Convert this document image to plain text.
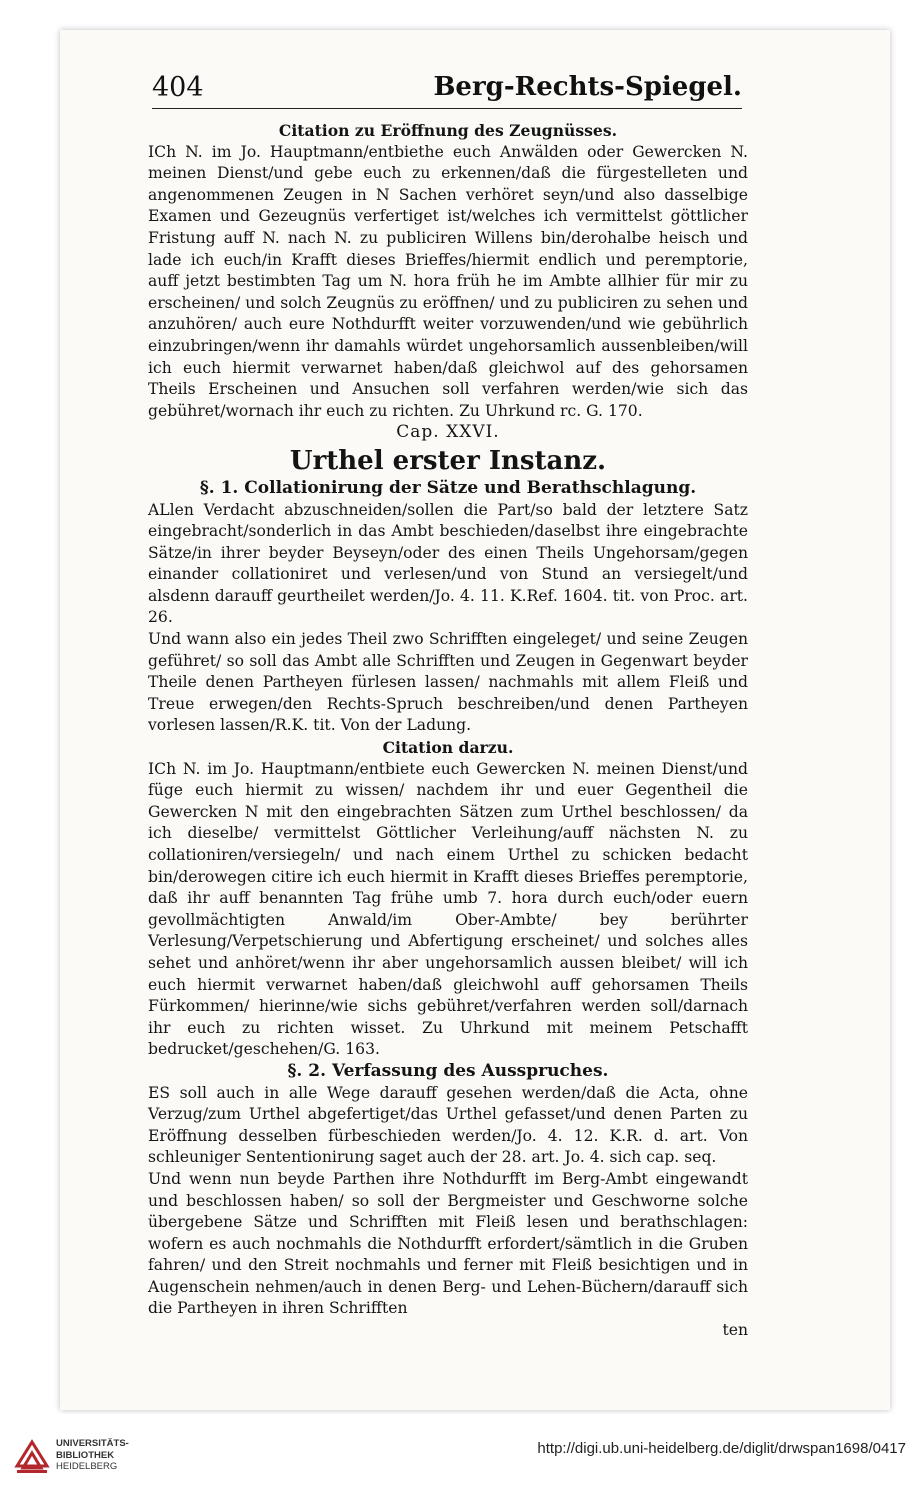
404	Berg-Rechts-Spiegel.

Citation zu Eröffnung des Zeugnüsses.

ICh N. im Jo. Hauptmann/entbiethe euch Anwälden oder Gewercken N. meinen Dienst/und gebe euch zu erkennen/daß die fürgestelleten und angenommenen Zeugen in N Sachen verhöret seyn/und also dasselbige Examen und Gezeugnüs verfertiget ist/welches ich vermittelst göttlicher Fristung auff N. nach N. zu publiciren Willens bin/derohalbe heisch und lade ich euch/in Krafft dieses Brieffes/hiermit endlich und peremptorie, auff jetzt bestimbten Tag um N. hora früh he im Ambte allhier für mir zu erscheinen/ und solch Zeugnüs zu eröffnen/ und zu publiciren zu sehen und anzuhören/ auch eure Nothdurfft weiter vorzuwenden/und wie gebührlich einzubringen/wenn ihr damahls würdet ungehorsamlich aussenbleiben/will ich euch hiermit verwarnet haben/daß gleichwol auf des gehorsamen Theils Erscheinen und Ansuchen soll verfahren werden/wie sich das gebühret/wornach ihr euch zu richten. Zu Uhrkund rc. G. 170.

Cap. XXVI.

Urthel erster Instanz.

§. 1. Collationirung der Sätze und Berathschlagung.

ALlen Verdacht abzuschneiden/sollen die Part/so bald der letztere Satz eingebracht/sonderlich in das Ambt beschieden/daselbst ihre eingebrachte Sätze/in ihrer beyder Beyseyn/oder des einen Theils Ungehorsam/gegen einander collationiret und verlesen/und von Stund an versiegelt/und alsdenn darauff geurtheilet werden/Jo. 4. 11. K.Ref. 1604. tit. von Proc. art. 26.

Und wann also ein jedes Theil zwo Schrifften eingeleget/ und seine Zeugen geführet/ so soll das Ambt alle Schrifften und Zeugen in Gegenwart beyder Theile denen Partheyen fürlesen lassen/ nachmahls mit allem Fleiß und Treue erwegen/den Rechts-Spruch beschreiben/und denen Partheyen vorlesen lassen/R.K. tit. Von der Ladung.

Citation darzu.

ICh N. im Jo. Hauptmann/entbiete euch Gewercken N. meinen Dienst/und füge euch hiermit zu wissen/ nachdem ihr und euer Gegentheil die Gewercken N mit den eingebrachten Sätzen zum Urthel beschlossen/ da ich dieselbe/ vermittelst Göttlicher Verleihung/auff nächsten N. zu collationiren/versiegeln/ und nach einem Urthel zu schicken bedacht bin/derowegen citire ich euch hiermit in Krafft dieses Brieffes peremptorie, daß ihr auff benannten Tag frühe umb 7. hora durch euch/oder euern gevollmächtigten Anwald/im Ober-Ambte/ bey berührter Verlesung/Verpetschierung und Abfertigung erscheinet/ und solches alles sehet und anhöret/wenn ihr aber ungehorsamlich aussen bleibet/ will ich euch hiermit verwarnet haben/daß gleichwohl auff gehorsamen Theils Fürkommen/ hierinne/wie sichs gebühret/verfahren werden soll/darnach ihr euch zu richten wisset. Zu Uhrkund mit meinem Petschafft bedrucket/geschehen/G. 163.

§. 2. Verfassung des Ausspruches.

ES soll auch in alle Wege darauff gesehen werden/daß die Acta, ohne Verzug/zum Urthel abgefertiget/das Urthel gefasset/und denen Parten zu Eröffnung desselben fürbeschieden werden/Jo. 4. 12. K.R. d. art. Von schleuniger Sententionirung saget auch der 28. art. Jo. 4. sich cap. seq.

Und wenn nun beyde Parthen ihre Nothdurfft im Berg-Ambt eingewandt und beschlossen haben/ so soll der Bergmeister und Geschworne solche übergebene Sätze und Schrifften mit Fleiß lesen und berathschlagen: wofern es auch nochmahls die Nothdurfft erfordert/sämtlich in die Gruben fahren/ und den Streit nochmahls und ferner mit Fleiß besichtigen und in Augenschein nehmen/auch in denen Berg- und Lehen-Büchern/darauff sich die Partheyen in ihren Schrifften

ten

UNIVERSITÄTS-
BIBLIOTHEK
HEIDELBERG
http://digi.ub.uni-heidelberg.de/diglit/drwspan1698/0417
